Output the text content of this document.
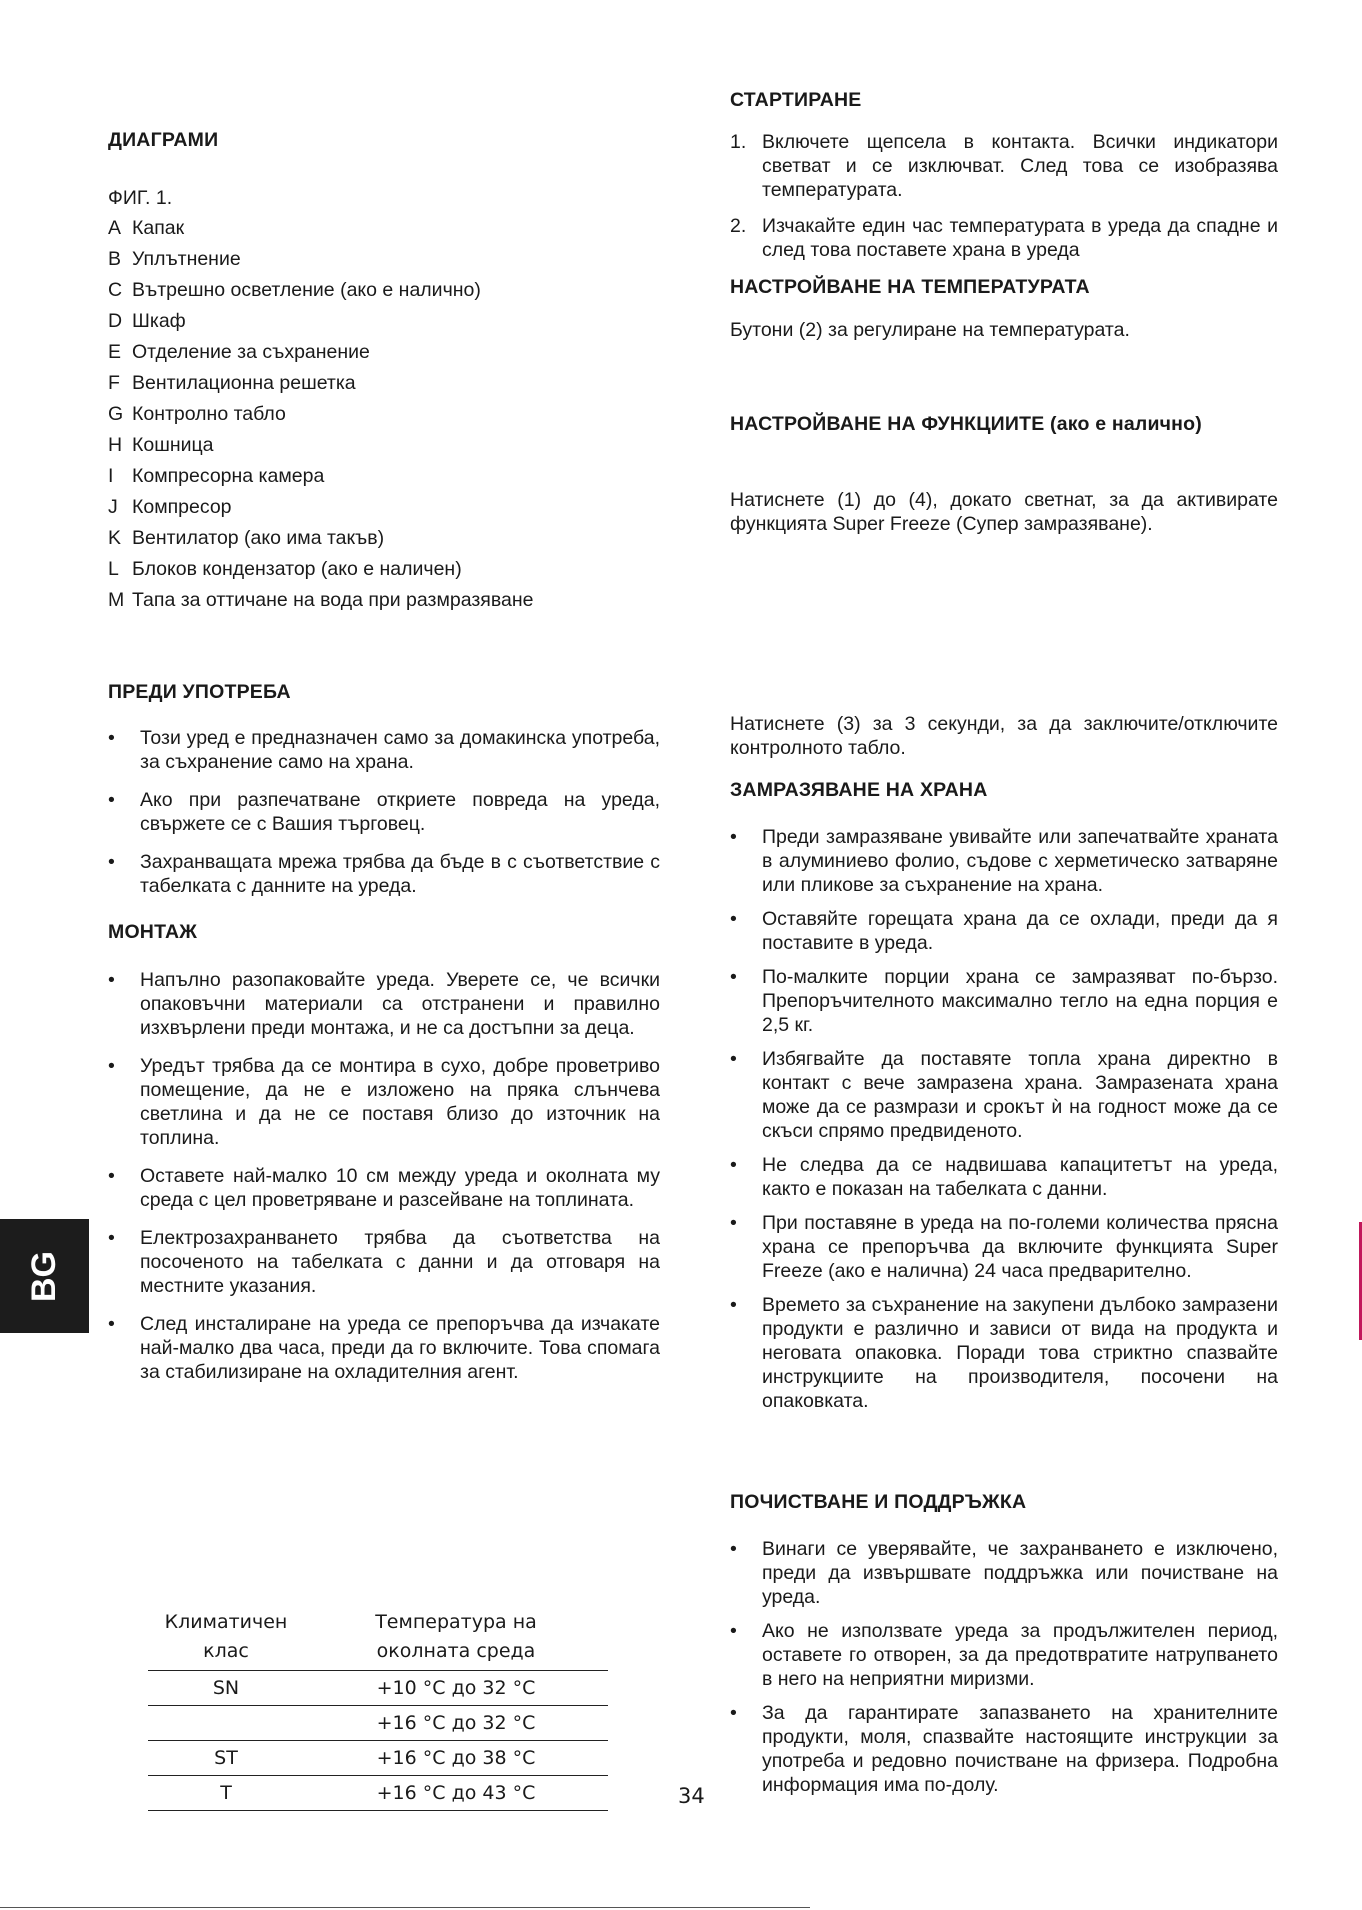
ДИАГРАМИ

ФИГ. 1.

A Капак
B Уплътнение
C Вътрешно осветление (ако е налично)
D Шкаф
E Отделение за съхранение
F Вентилационна решетка
G Контролно табло
H Кошница
I Компресорна камера
J Компресор
K Вентилатор (ако има такъв)
L Блоков кондензатор (ако е наличен)
M Тапа за оттичане на вода при размразяване
ПРЕДИ УПОТРЕБА
• Този уред е предназначен само за домакинска употреба, за съхранение само на храна.
• Ако при разпечатване откриете повреда на уреда, свържете се с Вашия търговец.
• Захранващата мрежа трябва да бъде в с съответствие с табелката с данните на уреда.
МОНТАЖ
• Напълно разопаковайте уреда. Уверете се, че всички опаковъчни материали са отстранени и правилно изхвърлени преди монтажа, и не са достъпни за деца.
• Уредът трябва да се монтира в сухо, добре проветриво помещение, да не е изложено на пряка слънчева светлина и да не се поставя близо до източник на топлина.
• Оставете най-малко 10 см между уреда и околната му среда с цел проветряване и разсейване на топлината.
• Електрозахранването трябва да съответства на посоченото на табелката с данни и да отговаря на местните указания.
• След инсталиране на уреда се препоръчва да изчакате най-малко два часа, преди да го включите. Това спомага за стабилизиране на охладителния агент.
Климатичен
клас	Температура на
околната среда

SN	+10 °C до 32 °C
	+16 °C до 32 °C
ST	+16 °C до 38 °C
T	+16 °C до 43 °C
СТАРТИРАНЕ
1. Включете щепсела в контакта. Всички индикатори светват и се изключват. След това се изобразява температурата.
2. Изчакайте един час температурата в уреда да спадне и след това поставете храна в уреда
НАСТРОЙВАНЕ НА ТЕМПЕРАТУРАТА

Бутони (2) за регулиране на температурата.

НАСТРОЙВАНЕ НА ФУНКЦИИТЕ (ако е налично)

Натиснете (1) до (4), докато светнат, за да активирате функцията Super Freeze (Супер замразяване).

Натиснете (3) за 3 секунди, за да заключите/отключите контролното табло.

ЗАМРАЗЯВАНЕ НА ХРАНА
• Преди замразяване увивайте или запечатвайте храната в алуминиево фолио, съдове с херметическо затваряне или пликове за съхранение на храна.
• Оставяйте горещата храна да се охлади, преди да я поставите в уреда.
• По-малките порции храна се замразяват по-бързо. Препоръчителното максимално тегло на една порция е 2,5 кг.
• Избягвайте да поставяте топла храна директно в контакт с вече замразена храна. Замразената храна може да се размрази и срокът ѝ на годност може да се скъси спрямо предвиденото.
• Не следва да се надвишава капацитетът на уреда, както е показан на табелката с данни.
• При поставяне в уреда на по-големи количества прясна храна се препоръчва да включите функцията Super Freeze (ако е налична) 24 часа предварително.
• Времето за съхранение на закупени дълбоко замразени продукти е различно и зависи от вида на продукта и неговата опаковка. Поради това стриктно спазвайте инструкциите на производителя, посочени на опаковката.
ПОЧИСТВАНЕ И ПОДДРЪЖКА
• Винаги се уверявайте, че захранването е изключено, преди да извършвате поддръжка или почистване на уреда.
• Ако не използвате уреда за продължителен период, оставете го отворен, за да предотвратите натрупването в него на неприятни миризми.
• За да гарантирате запазването на хранителните продукти, моля, спазвайте настоящите инструкции за употреба и редовно почистване на фризера. Подробна информация има по-долу.
BG
34
